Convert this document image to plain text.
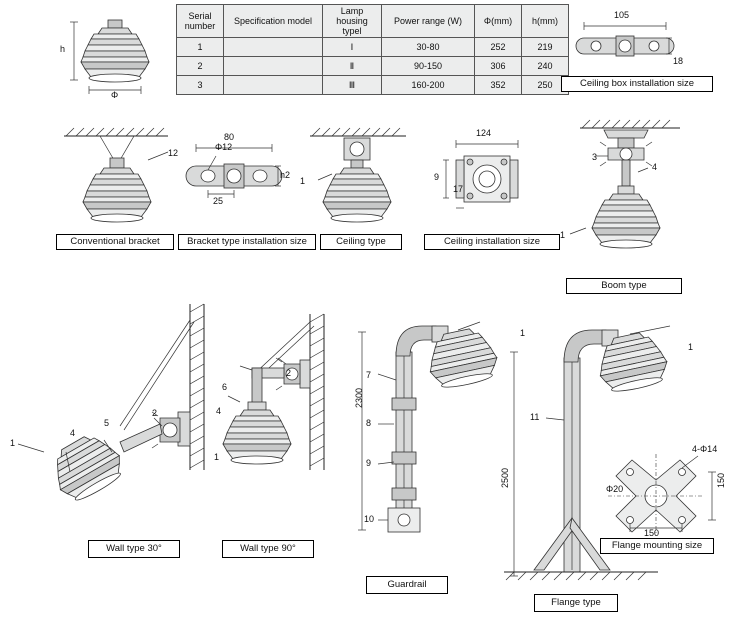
Serial number	Specification model	Lamp housing typel	Power range (W)	Φ(mm)	h(mm)
1		Ⅰ	30-80	252	219
2		Ⅱ	90-150	306	240
3		Ⅲ	160-200	352	250
h
Φ
105
18
Ceiling box installation size
12
Conventional bracket
80
Φ12
25
h2
Bracket type installation size
1
Ceiling type
124
17
9
Ceiling installation size
3
4
1
Boom type
1
4
5
2
Wall type 30°
6
2
4
1
Wall type 90°
1
7
8
9
10
2300
Guardrail
1
11
2500
Flange type
4-Φ14
Φ20
150
150
Flange mounting size
